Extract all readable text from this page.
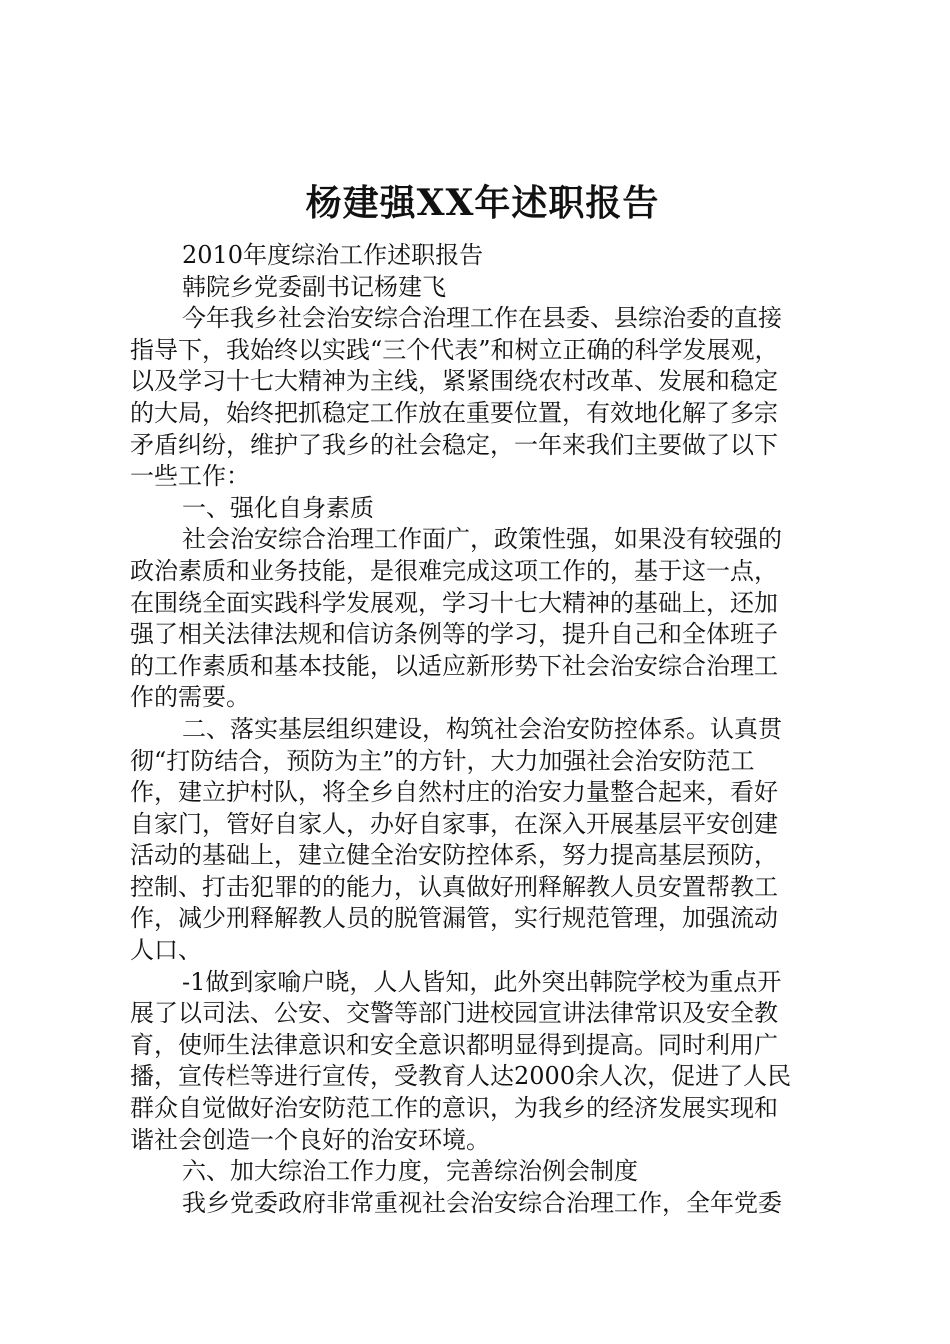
杨建强XX年述职报告

2010年度综治工作述职报告

韩院乡党委副书记杨建飞

今年我乡社会治安综合治理工作在县委、县综治委的直接

指导下，我始终以实践“三个代表”和树立正确的科学发展观，

以及学习十七大精神为主线，紧紧围绕农村改革、发展和稳定

的大局，始终把抓稳定工作放在重要位置，有效地化解了多宗

矛盾纠纷，维护了我乡的社会稳定，一年来我们主要做了以下

一些工作：

一、强化自身素质

社会治安综合治理工作面广，政策性强，如果没有较强的

政治素质和业务技能，是很难完成这项工作的，基于这一点，

在围绕全面实践科学发展观，学习十七大精神的基础上，还加

强了相关法律法规和信访条例等的学习，提升自己和全体班子

的工作素质和基本技能，以适应新形势下社会治安综合治理工

作的需要。

二、落实基层组织建设，构筑社会治安防控体系。认真贯

彻“打防结合，预防为主”的方针，大力加强社会治安防范工

作，建立护村队，将全乡自然村庄的治安力量整合起来，看好

自家门，管好自家人，办好自家事，在深入开展基层平安创建

活动的基础上，建立健全治安防控体系，努力提高基层预防，

控制、打击犯罪的的能力，认真做好刑释解教人员安置帮教工

作，减少刑释解教人员的脱管漏管，实行规范管理，加强流动

人口、

-1做到家喻户晓，人人皆知，此外突出韩院学校为重点开

展了以司法、公安、交警等部门进校园宣讲法律常识及安全教

育，使师生法律意识和安全意识都明显得到提高。同时利用广

播，宣传栏等进行宣传，受教育人达2000余人次，促进了人民

群众自觉做好治安防范工作的意识，为我乡的经济发展实现和

谐社会创造一个良好的治安环境。

六、加大综治工作力度，完善综治例会制度

我乡党委政府非常重视社会治安综合治理工作，全年党委
